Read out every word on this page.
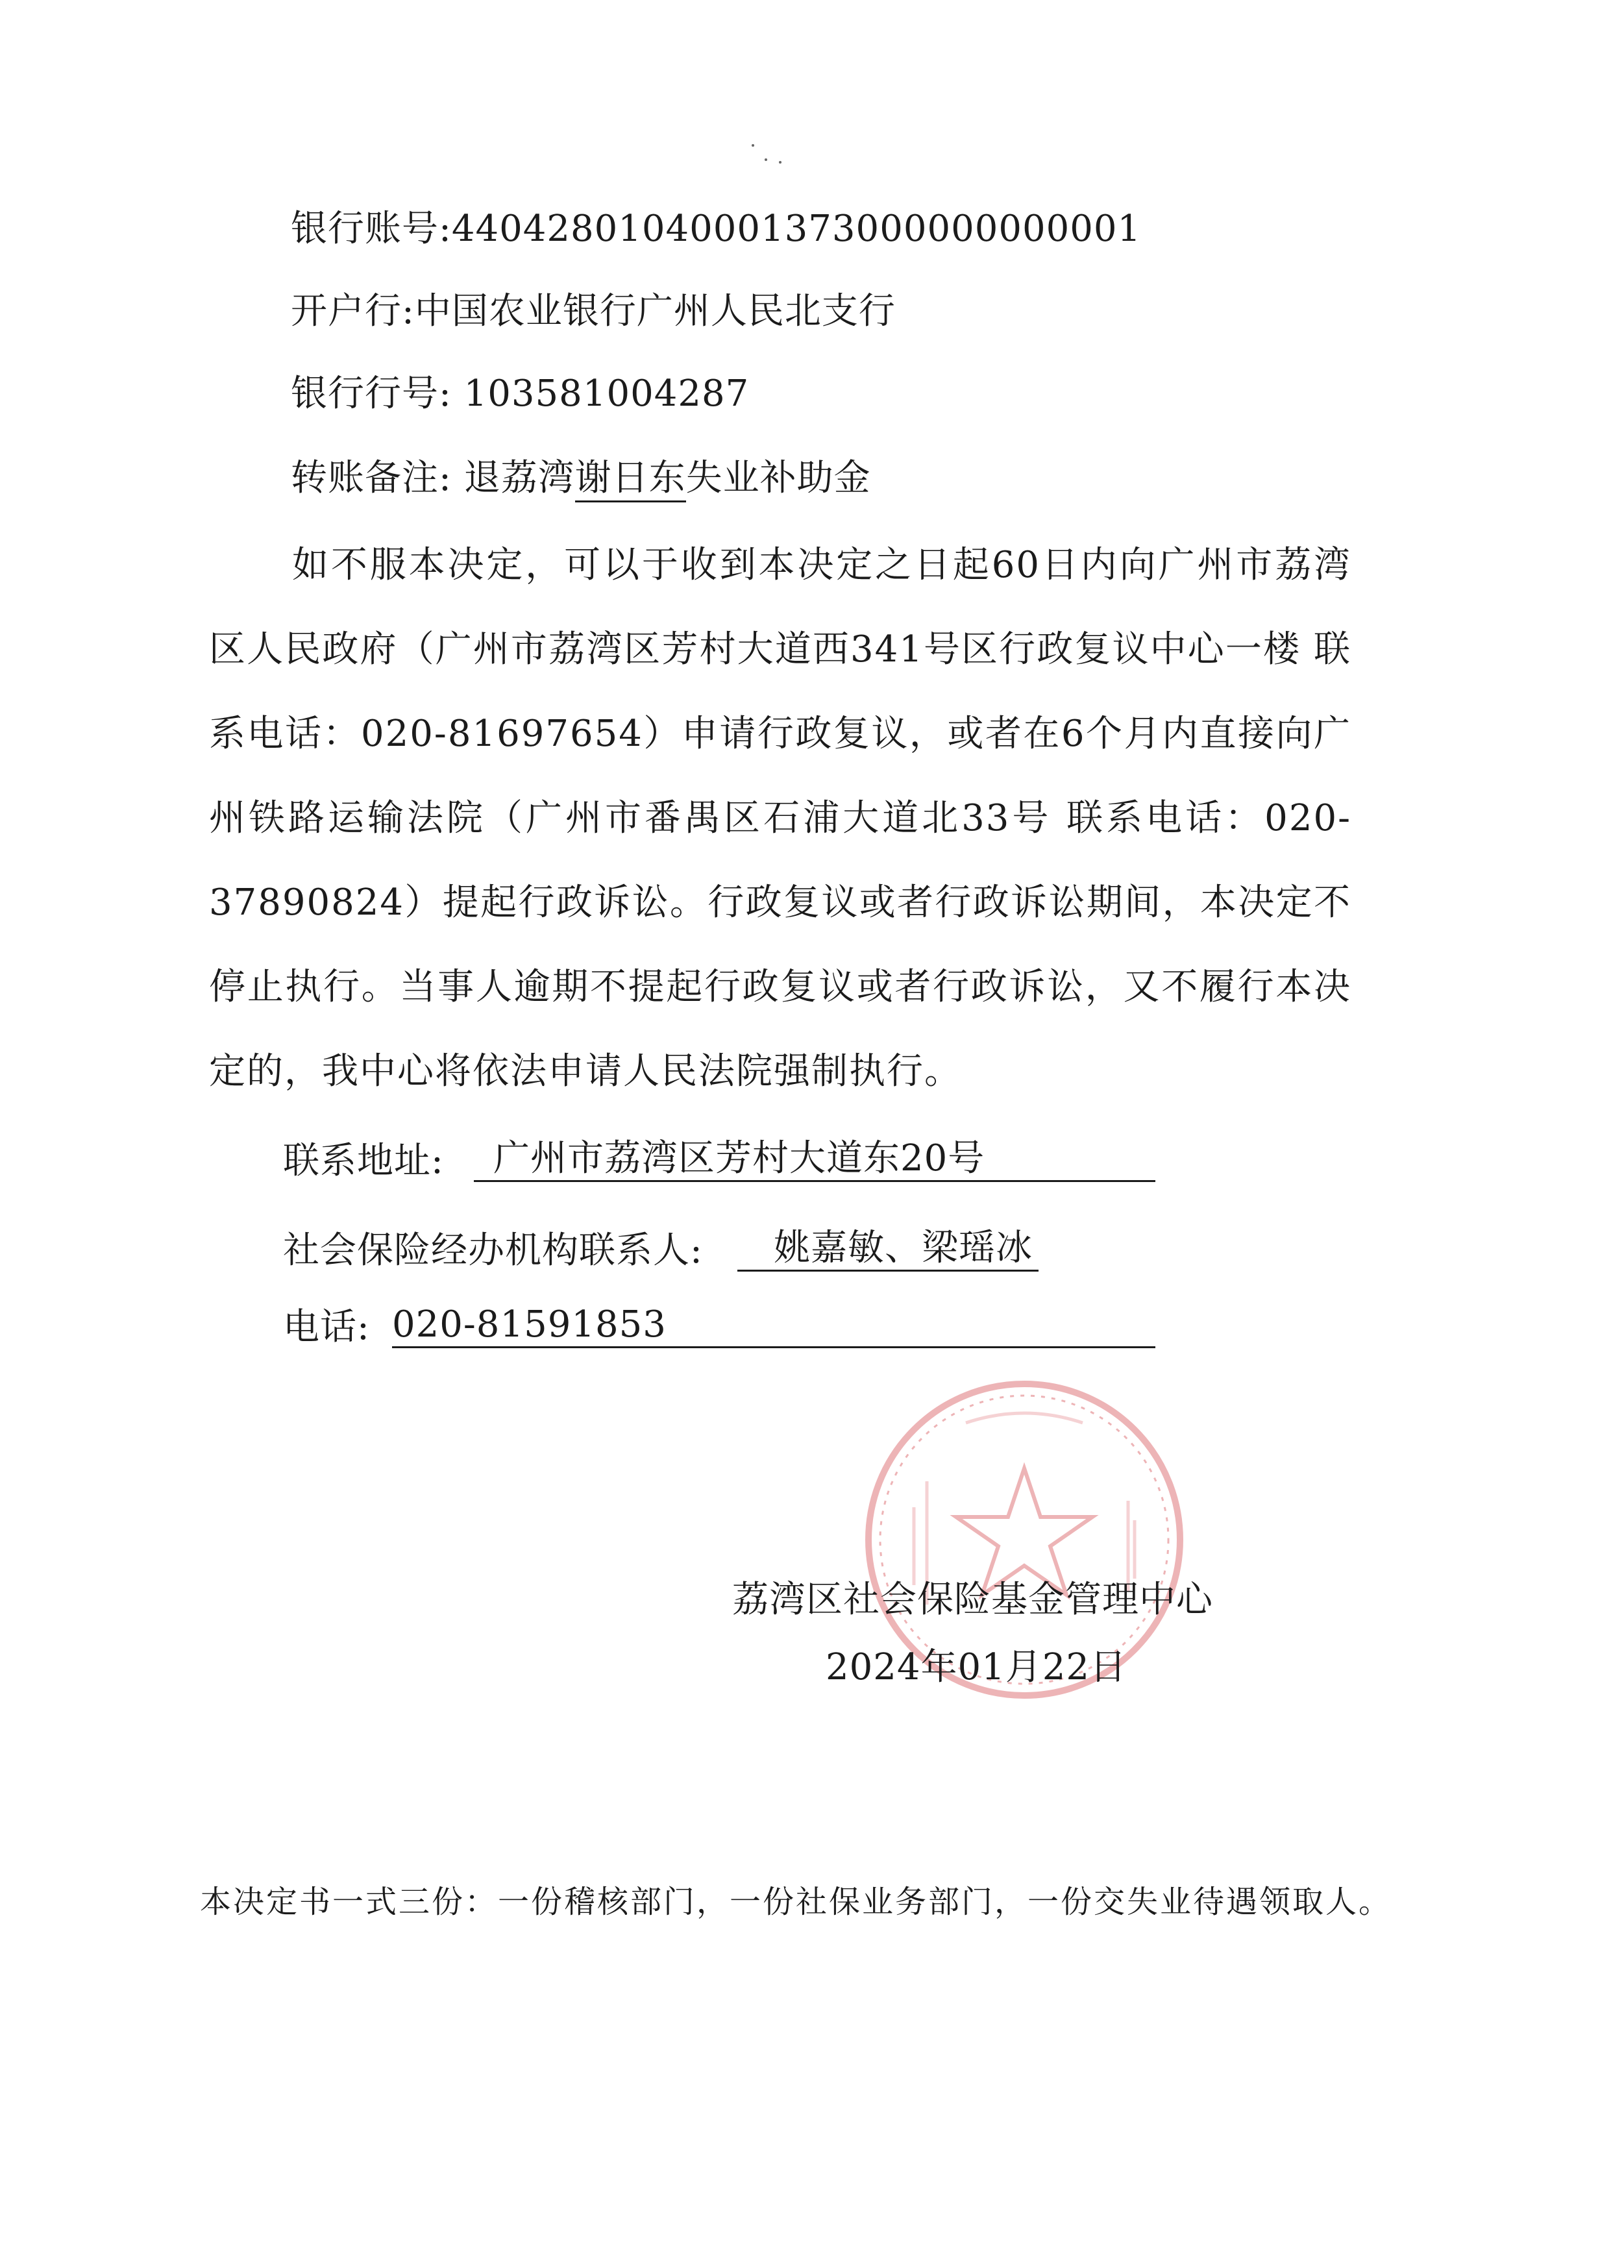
银行账号:44042801040001373000000000001
开户行:中国农业银行广州人民北支行
银行行号: 103581004287
转账备注: 退荔湾谢日东失业补助金
如不服本决定，可以于收到本决定之日起60日内向广州市荔湾区人民政府（广州市荔湾区芳村大道西341号区行政复议中心一楼 联系电话：020-81697654）申请行政复议，或者在6个月内直接向广州铁路运输法院（广州市番禺区石浦大道北33号 联系电话：020-37890824）提起行政诉讼。行政复议或者行政诉讼期间，本决定不停止执行。当事人逾期不提起行政复议或者行政诉讼，又不履行本决定的，我中心将依法申请人民法院强制执行。
联系地址: 广州市荔湾区芳村大道东20号
社会保险经办机构联系人: 姚嘉敏、梁瑶冰
电话: 020-81591853
荔湾区社会保险基金管理中心
2024年01月22日
本决定书一式三份：一份稽核部门，一份社保业务部门，一份交失业待遇领取人。
